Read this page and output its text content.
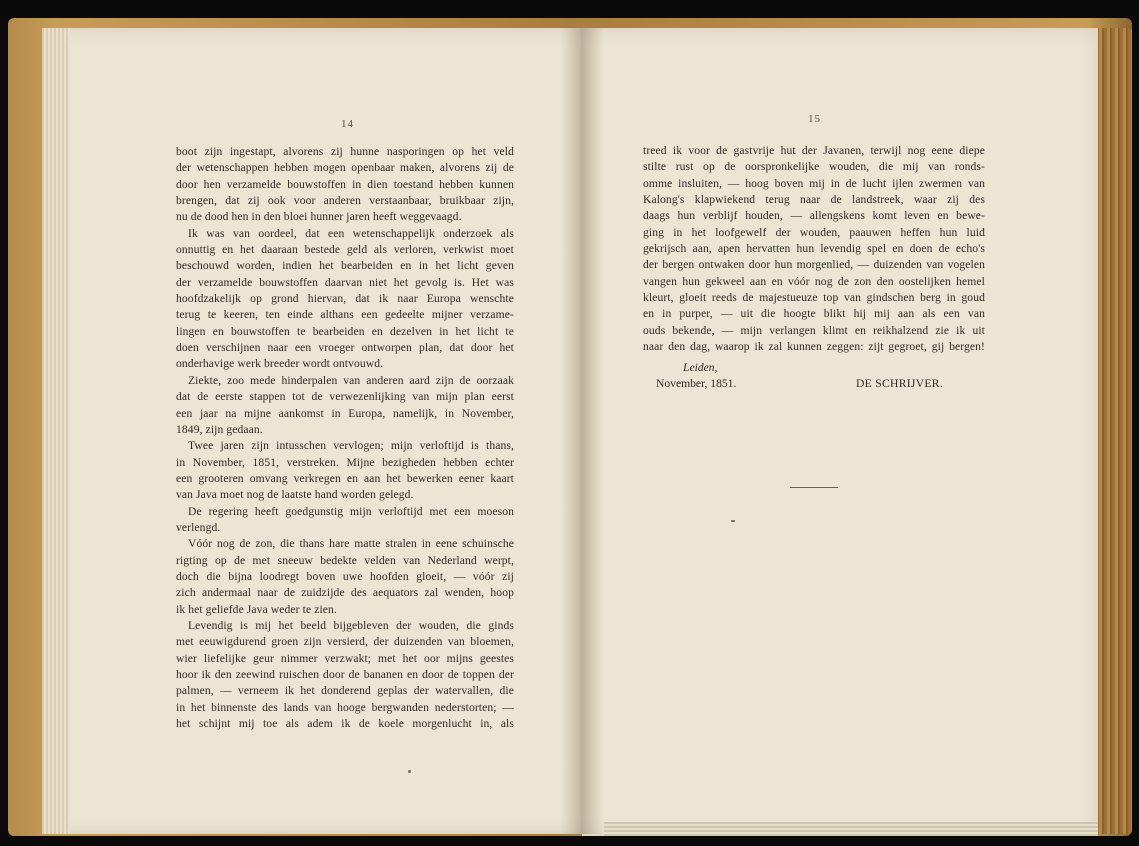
14

boot zijn ingestapt, alvorens zij hunne nasporingen op het veld

der wetenschappen hebben mogen openbaar maken, alvorens zij de

door hen verzamelde bouwstoffen in dien toestand hebben kunnen

brengen, dat zij ook voor anderen verstaanbaar, bruikbaar zijn,

nu de dood hen in den bloei hunner jaren heeft weggevaagd.

Ik was van oordeel, dat een wetenschappelijk onderzoek als

onnuttig en het daaraan bestede geld als verloren, verkwist moet

beschouwd worden, indien het bearbeiden en in het licht geven

der verzamelde bouwstoffen daarvan niet het gevolg is. Het was

hoofdzakelijk op grond hiervan, dat ik naar Europa wenschte

terug te keeren, ten einde althans een gedeelte mijner verzame-

lingen en bouwstoffen te bearbeiden en dezelven in het licht te

doen verschijnen naar een vroeger ontworpen plan, dat door het

onderhavige werk breeder wordt ontvouwd.

Ziekte, zoo mede hinderpalen van anderen aard zijn de oorzaak

dat de eerste stappen tot de verwezenlijking van mijn plan eerst

een jaar na mijne aankomst in Europa, namelijk, in November,

1849, zijn gedaan.

Twee jaren zijn intusschen vervlogen; mijn verloftijd is thans,

in November, 1851, verstreken. Mijne bezigheden hebben echter

een grooteren omvang verkregen en aan het bewerken eener kaart

van Java moet nog de laatste hand worden gelegd.

De regering heeft goedgunstig mijn verloftijd met een moeson

verlengd.

Vóór nog de zon, die thans hare matte stralen in eene schuinsche

rigting op de met sneeuw bedekte velden van Nederland werpt,

doch die bijna loodregt boven uwe hoofden gloeit, — vóór zij

zich andermaal naar de zuidzijde des aequators zal wenden, hoop

ik het geliefde Java weder te zien.

Levendig is mij het beeld bijgebleven der wouden, die ginds

met eeuwigdurend groen zijn versierd, der duizenden van bloemen,

wier liefelijke geur nimmer verzwakt; met het oor mijns geestes

hoor ik den zeewind ruischen door de bananen en door de toppen der

palmen, — verneem ik het donderend geplas der watervallen, die

in het binnenste des lands van hooge bergwanden nederstorten; —

het schijnt mij toe als adem ik de koele morgenlucht in, als

15

treed ik voor de gastvrije hut der Javanen, terwijl nog eene diepe

stilte rust op de oorspronkelijke wouden, die mij van ronds-

omme insluiten, — hoog boven mij in de lucht ijlen zwermen van

Kalong's klapwiekend terug naar de landstreek, waar zij des

daags hun verblijf houden, — allengskens komt leven en bewe-

ging in het loofgewelf der wouden, paauwen heffen hun luid

gekrijsch aan, apen hervatten hun levendig spel en doen de echo's

der bergen ontwaken door hun morgenlied, — duizenden van vogelen

vangen hun gekweel aan en vóór nog de zon den oostelijken hemel

kleurt, gloeit reeds de majestueuze top van gindschen berg in goud

en in purper, — uit die hoogte blikt hij mij aan als een van

ouds bekende, — mijn verlangen klimt en reikhalzend zie ik uit

naar den dag, waarop ik zal kunnen zeggen: zijt gegroet, gij bergen!

Leiden,
November, 1851.	DE SCHRIJVER.
